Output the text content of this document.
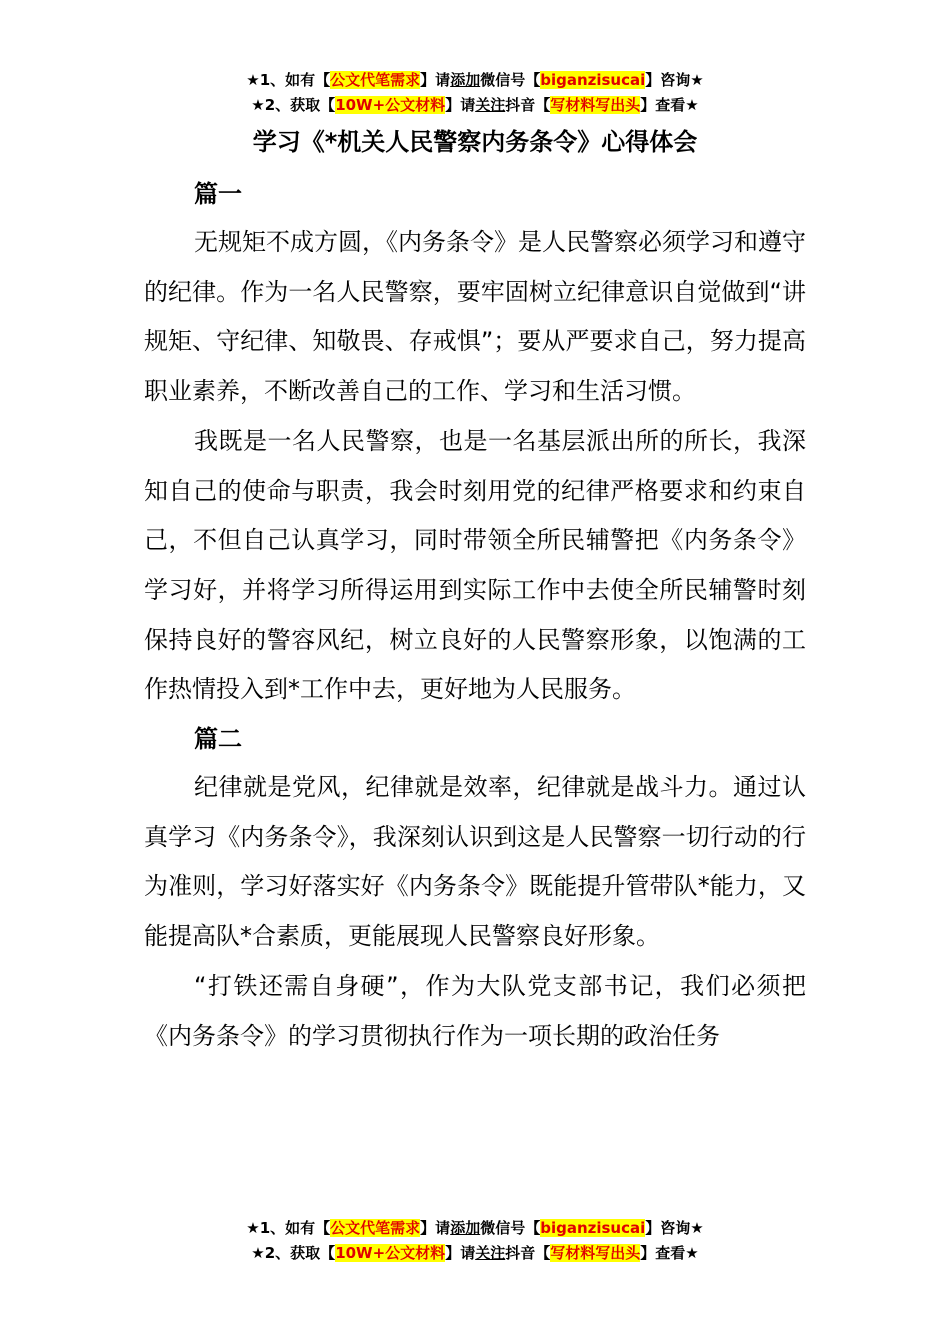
★1、如有【公文代笔需求】请添加微信号【biganzisucai】咨询★
★2、获取【10W+公文材料】请关注抖音【写材料写出头】查看★
学习《*机关人民警察内务条令》心得体会
篇一

无规矩不成方圆，《内务条令》是人民警察必须学习和遵守的纪律。作为一名人民警察，要牢固树立纪律意识自觉做到“讲规矩、守纪律、知敬畏、存戒惧”；要从严要求自己，努力提高职业素养，不断改善自己的工作、学习和生活习惯。

我既是一名人民警察，也是一名基层派出所的所长，我深知自己的使命与职责，我会时刻用党的纪律严格要求和约束自己，不但自己认真学习，同时带领全所民辅警把《内务条令》学习好，并将学习所得运用到实际工作中去使全所民辅警时刻保持良好的警容风纪，树立良好的人民警察形象，以饱满的工作热情投入到*工作中去，更好地为人民服务。

篇二

纪律就是党风，纪律就是效率，纪律就是战斗力。通过认真学习《内务条令》，我深刻认识到这是人民警察一切行动的行为准则，学习好落实好《内务条令》既能提升管带队*能力，又能提高队*合素质，更能展现人民警察良好形象。

“打铁还需自身硬”，作为大队党支部书记，我们必须把《内务条令》的学习贯彻执行作为一项长期的政治任务

★1、如有【公文代笔需求】请添加微信号【biganzisucai】咨询★
★2、获取【10W+公文材料】请关注抖音【写材料写出头】查看★
